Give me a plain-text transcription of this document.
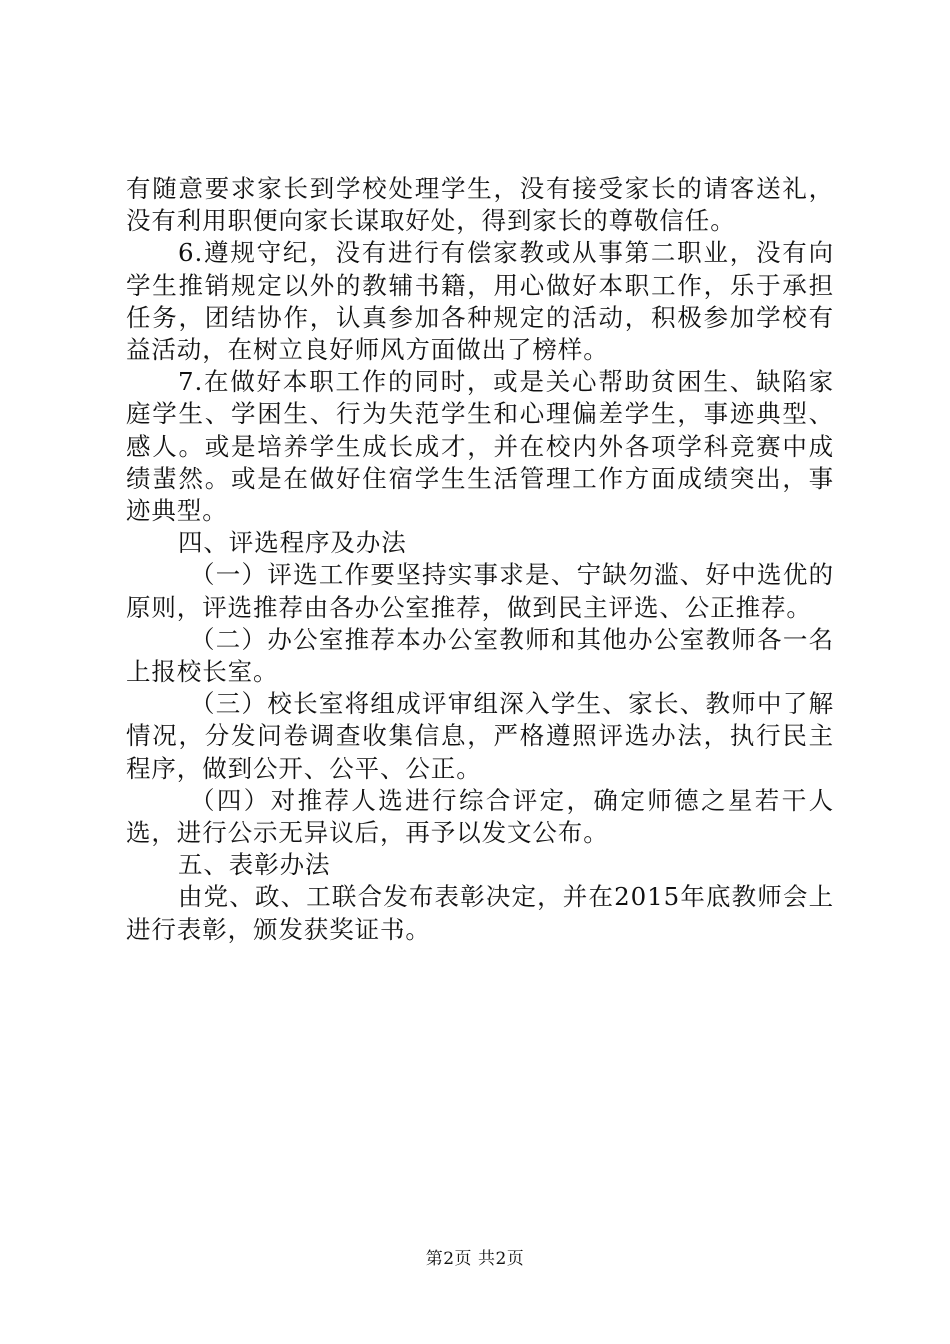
有随意要求家长到学校处理学生，没有接受家长的请客送礼，没有利用职便向家长谋取好处，得到家长的尊敬信任。

6.遵规守纪，没有进行有偿家教或从事第二职业，没有向学生推销规定以外的教辅书籍，用心做好本职工作，乐于承担任务，团结协作，认真参加各种规定的活动，积极参加学校有益活动，在树立良好师风方面做出了榜样。

7.在做好本职工作的同时，或是关心帮助贫困生、缺陷家庭学生、学困生、行为失范学生和心理偏差学生，事迹典型、感人。或是培养学生成长成才，并在校内外各项学科竞赛中成绩蜚然。或是在做好住宿学生生活管理工作方面成绩突出，事迹典型。

四、评选程序及办法

（一）评选工作要坚持实事求是、宁缺勿滥、好中选优的原则，评选推荐由各办公室推荐，做到民主评选、公正推荐。

（二）办公室推荐本办公室教师和其他办公室教师各一名上报校长室。

（三）校长室将组成评审组深入学生、家长、教师中了解情况，分发问卷调查收集信息，严格遵照评选办法，执行民主程序，做到公开、公平、公正。

（四）对推荐人选进行综合评定，确定师德之星若干人选，进行公示无异议后，再予以发文公布。

五、表彰办法

由党、政、工联合发布表彰决定，并在2015年底教师会上进行表彰，颁发获奖证书。

第2页 共2页
